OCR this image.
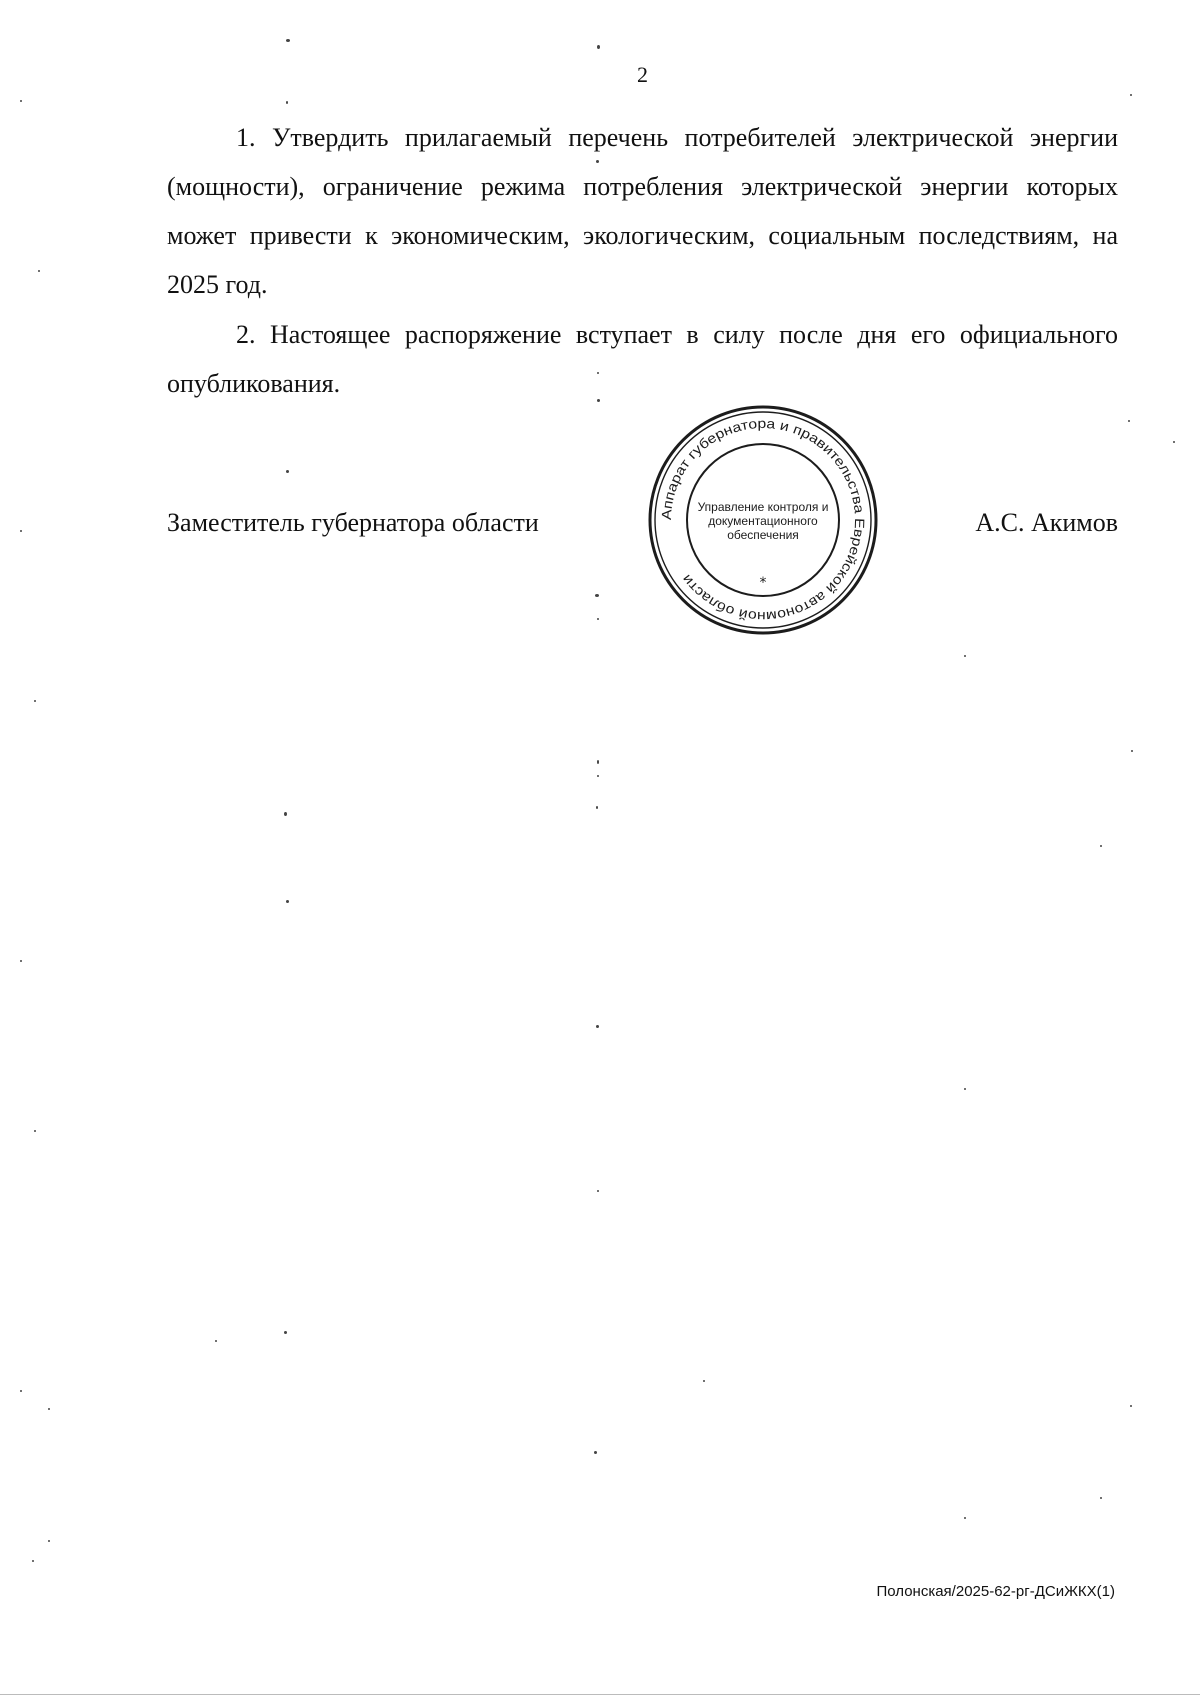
2

1. Утвердить прилагаемый перечень потребителей электрической энергии (мощности), ограничение режима потребления электрической энергии которых может привести к экономическим, экологическим, социальным последствиям, на 2025 год.

2. Настоящее распоряжение вступает в силу после дня его официального опубликования.

Заместитель губернатора области	А.С. Акимов
Аппарат губернатора и правительства Еврейской автономной области	*
Управление контроля и документационного обеспечения
Полонская/2025-62-рг-ДСиЖКХ(1)
